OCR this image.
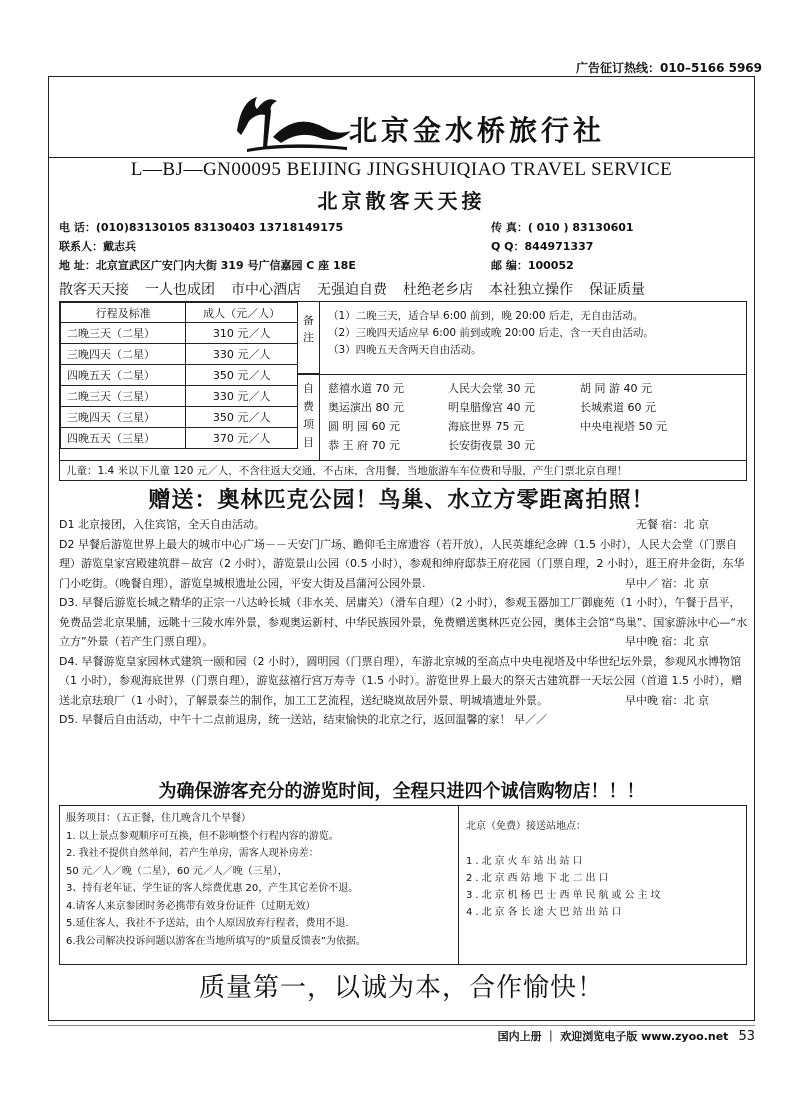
广告征订热线：010–5166 5969
北京金水桥旅行社
L—BJ—GN00095 BEIJING JINGSHUIQIAO TRAVEL SERVICE
北京散客天天接
电 话：(010)83130105 83130403 13718149175	传 真：( 010 ) 83130601
联系人：戴志兵	Q Q：844971337
地 址：北京宣武区广安门内大街 319 号广信嘉园 C 座 18E	邮 编：100052
散客天天接 一人也成团 市中心酒店 无强迫自费 杜绝老乡店 本社独立操作 保证质量
行程及标准	成人（元／人）
二晚三天（二星）	310 元／人
三晚四天（二星）	330 元／人
四晚五天（二星）	350 元／人
二晚三天（三星）	330 元／人
三晚四天（三星）	350 元／人
四晚五天（三星）	370 元／人
备注
（1）二晚三天，适合早 6:00 前到，晚 20:00 后走，无自由活动。
（2）三晚四天适应早 6:00 前到或晚 20:00 后走，含一天自由活动。
（3）四晚五天含两天自由活动。
自费项目
慈禧水道 70 元	人民大会堂 30 元	胡 同 游 40 元
奥运演出 80 元	明皇腊像宫 40 元	长城索道 60 元
圆 明 园 60 元	海底世界 75 元	中央电视塔 50 元
恭 王 府 70 元	长安街夜景 30 元
儿童：1.4 米以下儿童 120 元／人，不含往返大交通，不占床，含用餐，当地旅游车车位费和导服，产生门票北京自理！
赠送：奥林匹克公园！鸟巢、水立方零距离拍照！

D1 北京接团，入住宾馆，全天自由活动。	无餐 宿：北 京

D2 早餐后游览世界上最大的城市中心广场－－天安门广场、瞻仰毛主席遗容（若开放），人民英雄纪念碑（1.5 小时），人民大会堂（门票自理）游览皇家宫殿建筑群－故宫（2 小时），游览景山公园（0.5 小时），参观和绅府邸恭王府花园（门票自理，2 小时），逛王府井金街，东华门小吃街。（晚餐自理），游览皇城根遗址公园，平安大街及昌蒲河公园外景.	早中／ 宿：北 京

D3. 早餐后游览长城之精华的正宗一八达岭长城（非水关、居庸关）（滑车自理）（2 小时），参观玉器加工厂御鹿苑（1 小时），午餐于昌平，免费品尝北京果脯，远眺十三陵水库外景，参观奥运新村、中华民族园外景，免费赠送奥林匹克公园，奥体主会馆“鸟巢”、国家游泳中心—“水立方”外景（若产生门票自理）。	早中晚 宿：北 京

D4. 早餐游览皇家园林式建筑一颐和园（2 小时），圆明园（门票自理），车游北京城的至高点中央电视塔及中华世纪坛外景，参观风水博物馆（1 小时），参观海底世界（门票自理），游览兹禧行宫万寿寺（1.5 小时）。游览世界上最大的祭天古建筑群一天坛公园（首道 1.5 小时），赠送北京珐琅厂（1 小时），了解景泰兰的制作，加工工艺流程，送纪晓岚故居外景、明城墙遗址外景。	早中晚 宿：北 京

D5. 早餐后自由活动，中午十二点前退房，统一送站，结束愉快的北京之行，返回温馨的家！ 早／／

为确保游客充分的游览时间，全程只进四个诚信购物店！！！
服务项目：（五正餐，住几晚含几个早餐）
1. 以上景点参观顺序可互换，但不影响整个行程内容的游览。
2. 我社不提供自然单间，若产生单房，需客人现补房差：
50 元／人／晚（二星），60 元／人／晚（三星），
3、持有老年证、学生证的客人综费优惠 20，产生其它差价不退。
4.请客人来京参团时务必携带有效身份证件（过期无效）
5.延住客人，我社不予送站，由个人原因放弃行程者，费用不退.
6.我公司解决投诉问题以游客在当地所填写的“质量反馈表”为依据。
北京（免费）接送站地点：
1.北京火车站出站口
2.北京西站地下北二出口
3.北京机杨巴士西单民航或公主坟
4.北京各长途大巴站出站口
质量第一，以诚为本，合作愉快！
国内上册 ｜ 欢迎浏览电子版 www.zyoo.net 53
